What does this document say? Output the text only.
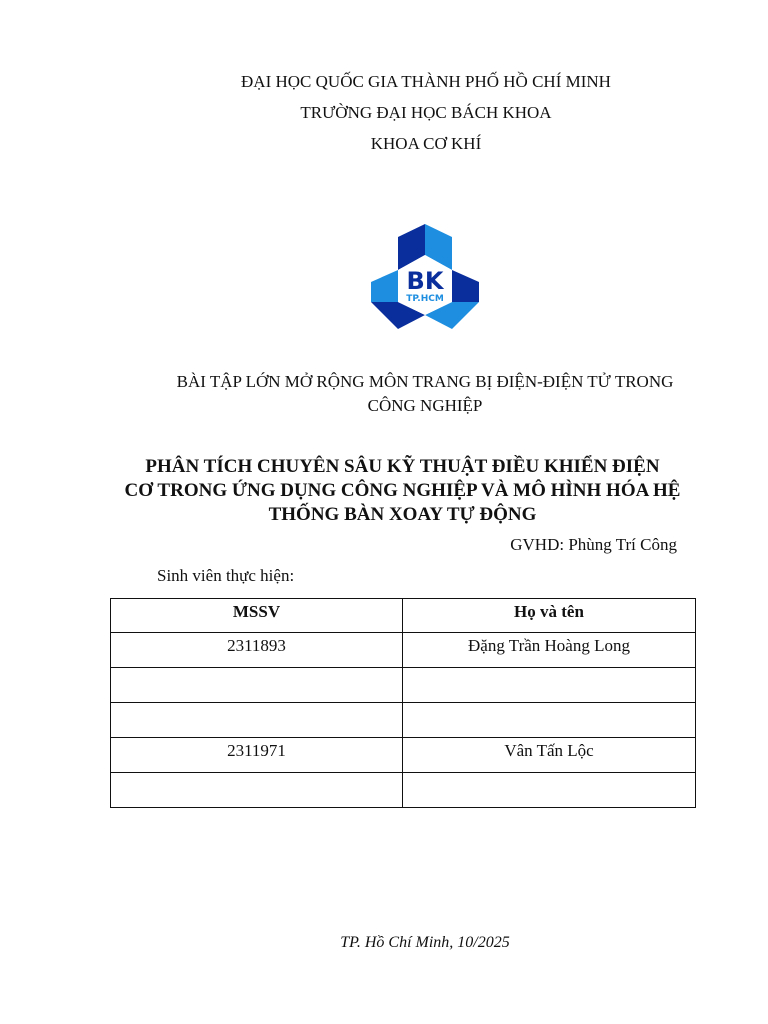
ĐẠI HỌC QUỐC GIA THÀNH PHỐ HỒ CHÍ MINH
TRƯỜNG ĐẠI HỌC BÁCH KHOA
KHOA CƠ KHÍ
BK
TP.HCM
BÀI TẬP LỚN MỞ RỘNG MÔN TRANG BỊ ĐIỆN-ĐIỆN TỬ TRONG
CÔNG NGHIỆP
PHÂN TÍCH CHUYÊN SÂU KỸ THUẬT ĐIỀU KHIỂN ĐIỆN
CƠ TRONG ỨNG DỤNG CÔNG NGHIỆP VÀ MÔ HÌNH HÓA HỆ
THỐNG BÀN XOAY TỰ ĐỘNG
GVHD: Phùng Trí Công
Sinh viên thực hiện:
MSSV	Họ và tên
2311893	Đặng Trần Hoàng Long

2311971	Vân Tấn Lộc

TP. Hồ Chí Minh, 10/2025
